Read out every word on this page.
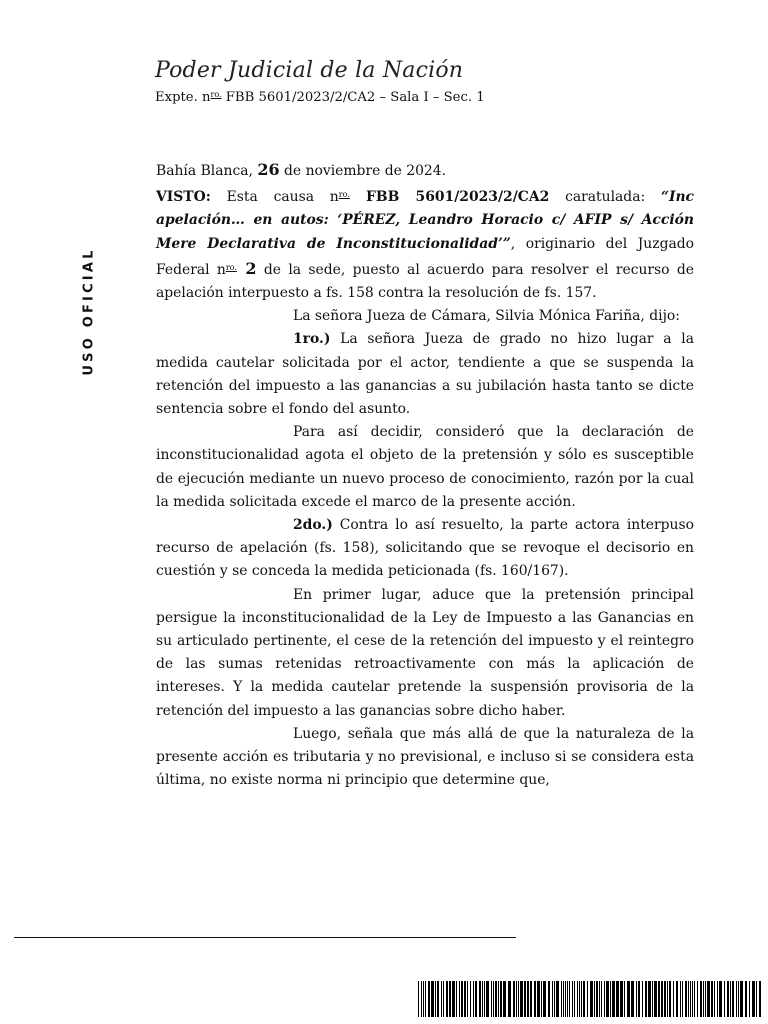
Poder Judicial de la Nación
Expte. $n^{ro.}$ FBB 5601/2023/2/CA2 – Sala I – Sec. 1
USO OFICIAL

Bahía Blanca, 26 de noviembre de 2024.

VISTO: Esta causa $n^{ro.}$ FBB 5601/2023/2/CA2 caratulada: “Inc apelación… en autos: ‘PÉREZ, Leandro Horacio c/ AFIP s/ Acción Mere Declarativa de Inconstitucionalidad’”, originario del Juzgado Federal $n^{ro.}$ 2 de la sede, puesto al acuerdo para resolver el recurso de apelación interpuesto a fs. 158 contra la resolución de fs. 157.

La señora Jueza de Cámara, Silvia Mónica Fariña, dijo:

1ro.) La señora Jueza de grado no hizo lugar a la medida cautelar solicitada por el actor, tendiente a que se suspenda la retención del impuesto a las ganancias a su jubilación hasta tanto se dicte sentencia sobre el fondo del asunto.

Para así decidir, consideró que la declaración de inconstitucionalidad agota el objeto de la pretensión y sólo es susceptible de ejecución mediante un nuevo proceso de conocimiento, razón por la cual la medida solicitada excede el marco de la presente acción.

2do.) Contra lo así resuelto, la parte actora interpuso recurso de apelación (fs. 158), solicitando que se revoque el decisorio en cuestión y se conceda la medida peticionada (fs. 160/167).

En primer lugar, aduce que la pretensión principal persigue la inconstitucionalidad de la Ley de Impuesto a las Ganancias en su articulado pertinente, el cese de la retención del impuesto y el reintegro de las sumas retenidas retroactivamente con más la aplicación de intereses. Y la medida cautelar pretende la suspensión provisoria de la retención del impuesto a las ganancias sobre dicho haber.

Luego, señala que más allá de que la naturaleza de la presente acción es tributaria y no previsional, e incluso si se considera esta última, no existe norma ni principio que determine que,
